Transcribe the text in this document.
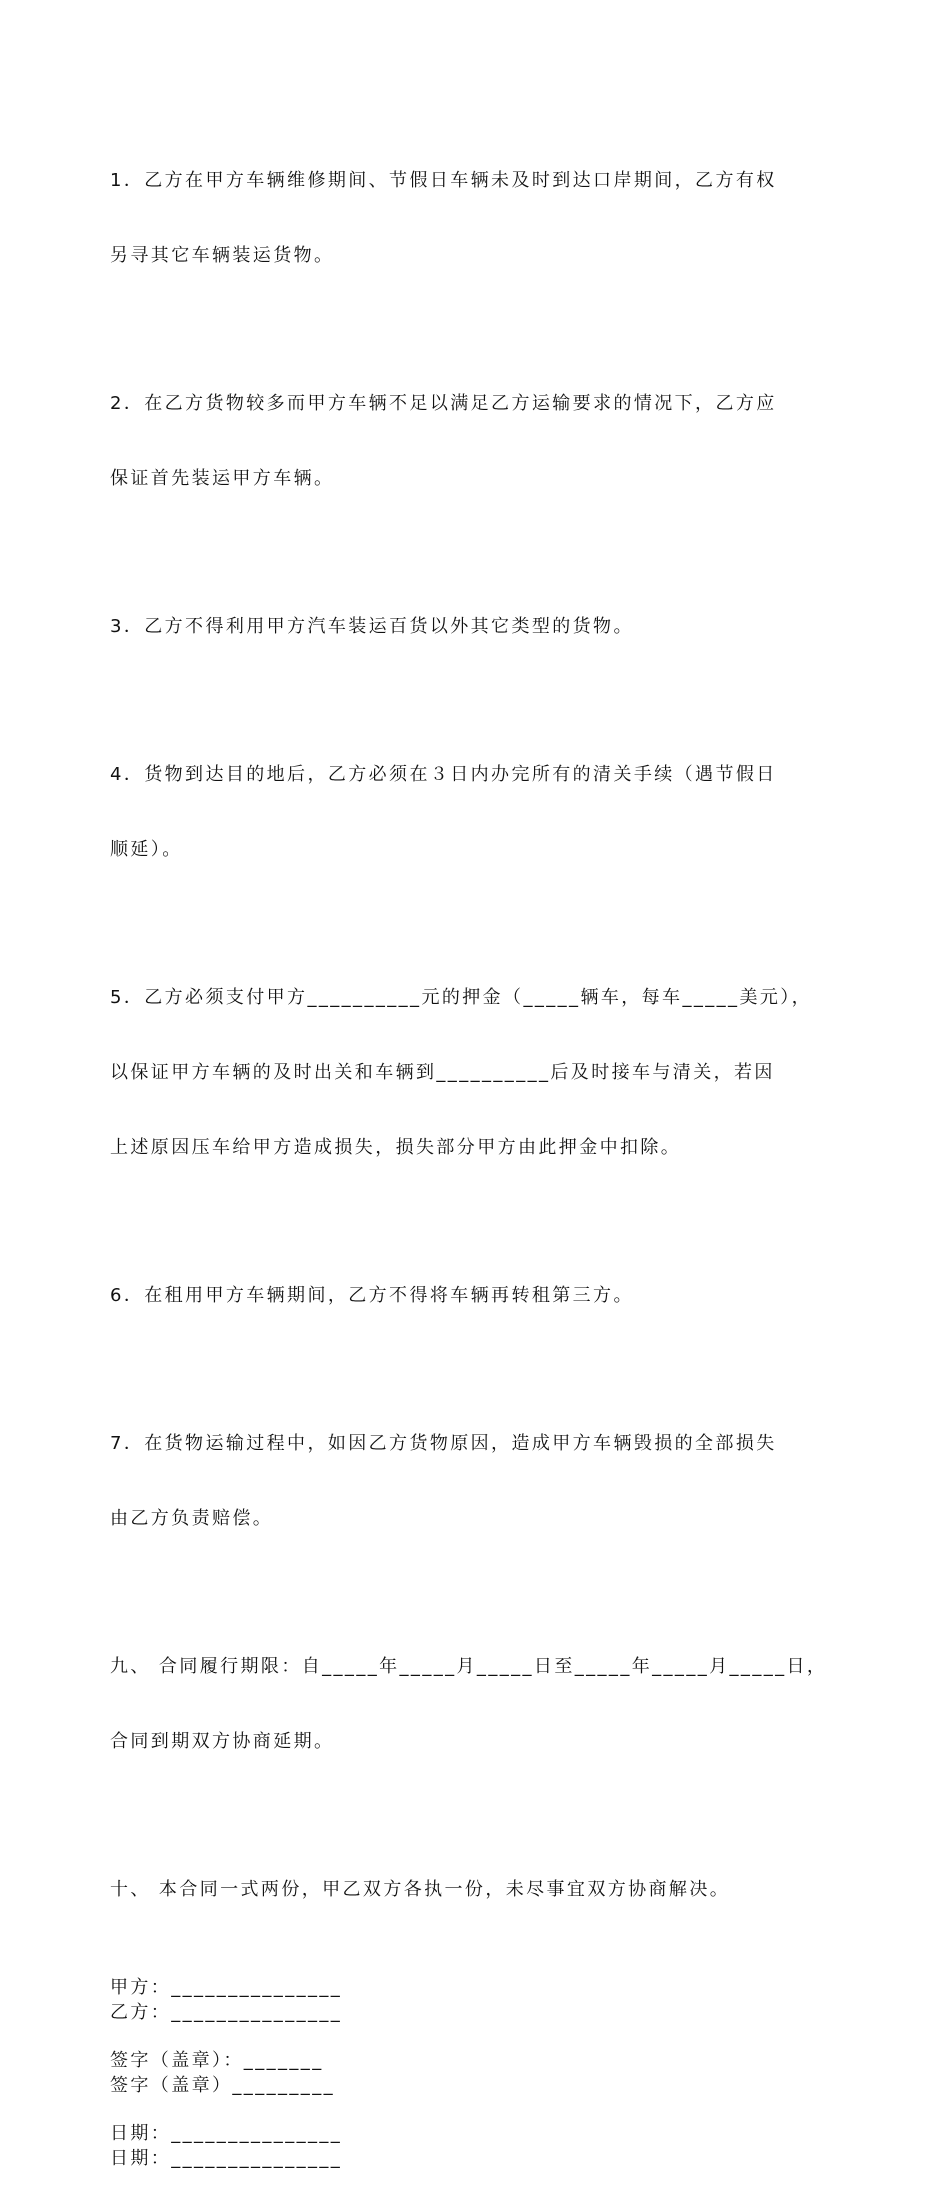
1．乙方在甲方车辆维修期间、节假日车辆未及时到达口岸期间，乙方有权

另寻其它车辆装运货物。

2．在乙方货物较多而甲方车辆不足以满足乙方运输要求的情况下，乙方应

保证首先装运甲方车辆。

3．乙方不得利用甲方汽车装运百货以外其它类型的货物。

4．货物到达目的地后，乙方必须在３日内办完所有的清关手续（遇节假日

顺延）。

5．乙方必须支付甲方__________元的押金（_____辆车，每车_____美元），

以保证甲方车辆的及时出关和车辆到__________后及时接车与清关，若因

上述原因压车给甲方造成损失，损失部分甲方由此押金中扣除。

6．在租用甲方车辆期间，乙方不得将车辆再转租第三方。

7．在货物运输过程中，如因乙方货物原因，造成甲方车辆毁损的全部损失

由乙方负责赔偿。

九、 合同履行期限：自_____年_____月_____日至_____年_____月_____日，

合同到期双方协商延期。

十、 本合同一式两份，甲乙双方各执一份，未尽事宜双方协商解决。

甲方：_______________
乙方：_______________
签字（盖章）：_______
签字（盖章）_________
日期：_______________
日期：_______________
